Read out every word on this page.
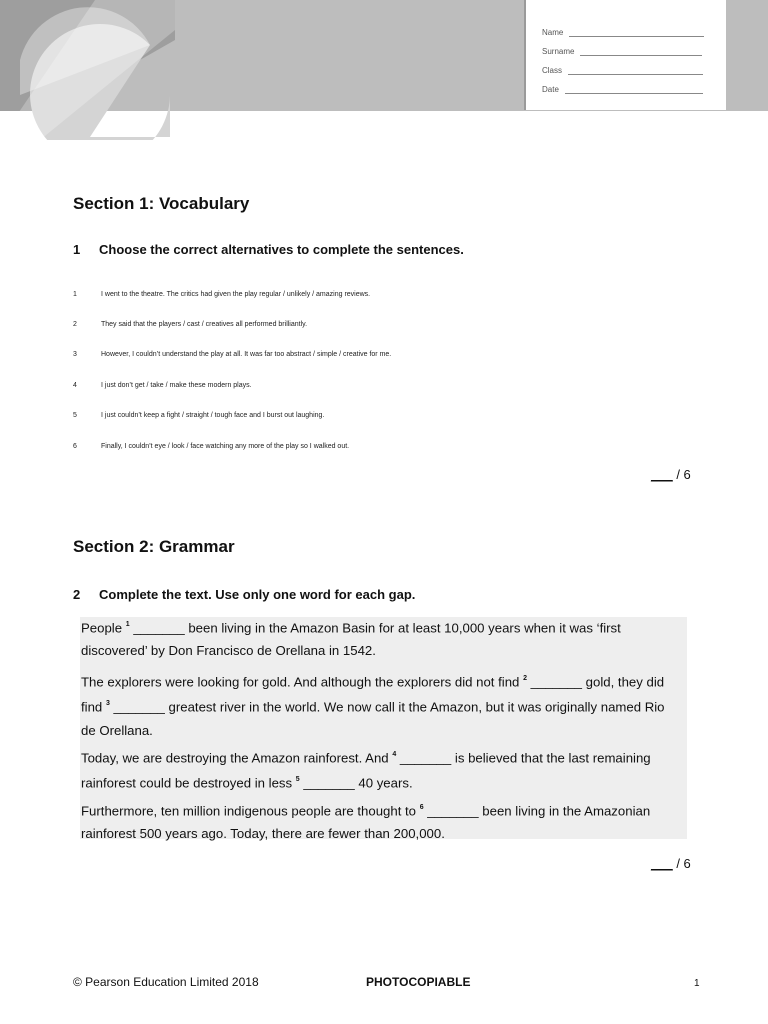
Name
Surname
Class
Date
Section 1: Vocabulary
1	Choose the correct alternatives to complete the sentences.
1	I went to the theatre. The critics had given the play regular / unlikely / amazing reviews.
2	They said that the players / cast / creatives all performed brilliantly.
3	However, I couldn’t understand the play at all. It was far too abstract / simple / creative for me.
4	I just don’t get / take / make these modern plays.
5	I just couldn’t keep a fight / straight / tough face and I burst out laughing.
6	Finally, I couldn’t eye / look / face watching any more of the play so I walked out.
___ / 6
Section 2: Grammar
2	Complete the text. Use only one word for each gap.

People $^1$ _______ been living in the Amazon Basin for at least 10,000 years when it was ‘first discovered’ by Don Francisco de Orellana in 1542.

The explorers were looking for gold. And although the explorers did not find $^2$ _______ gold, they did find $^3$ _______ greatest river in the world. We now call it the Amazon, but it was originally named Rio de Orellana.

Today, we are destroying the Amazon rainforest. And $^4$ _______ is believed that the last remaining rainforest could be destroyed in less $^5$ _______ 40 years.

Furthermore, ten million indigenous people are thought to $^6$ _______ been living in the Amazonian rainforest 500 years ago. Today, there are fewer than 200,000.

___ / 6
© Pearson Education Limited 2018	PHOTOCOPIABLE	1
